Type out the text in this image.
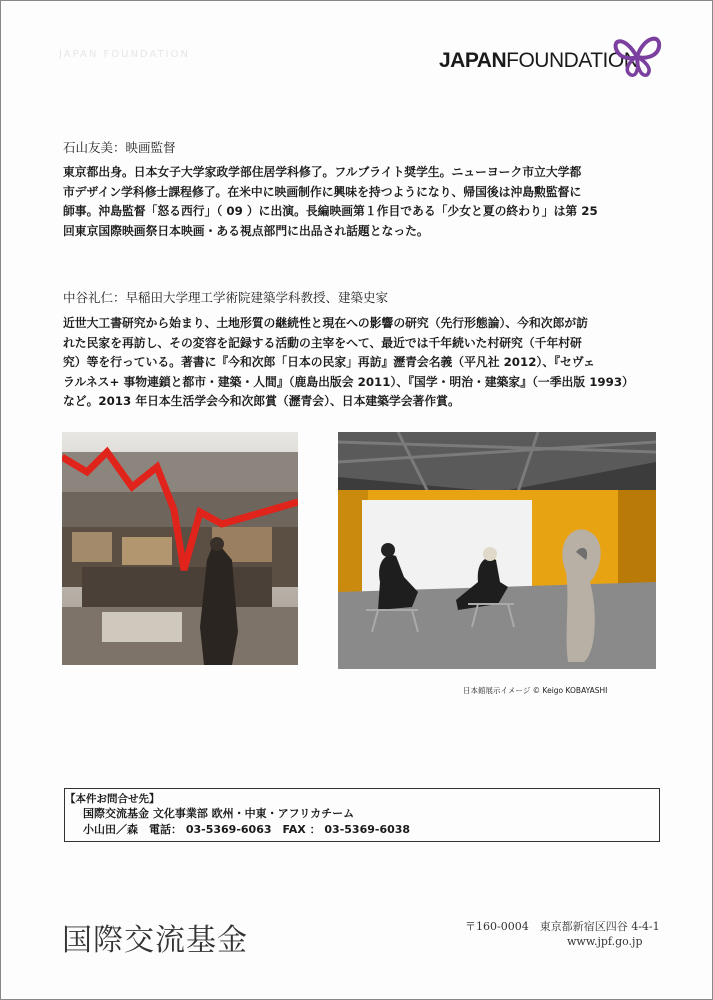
JAPAN FOUNDATION	JAPANFOUNDATION
石山友美：映画監督
東京都出身。日本女子大学家政学部住居学科修了。フルブライト奨学生。ニューヨーク市立大学都
市デザイン学科修士課程修了。在米中に映画制作に興味を持つようになり、帰国後は沖島勲監督に
師事。沖島監督「怒る西行」（ 09 ）に出演。長編映画第１作目である「少女と夏の終わり」は第 25
回東京国際映画祭日本映画・ある視点部門に出品され話題となった。
中谷礼仁：早稲田大学理工学術院建築学科教授、建築史家
近世大工書研究から始まり、土地形質の継続性と現在への影響の研究（先行形態論）、今和次郎が訪
れた民家を再訪し、その変容を記録する活動の主宰をへて、最近では千年続いた村研究（千年村研
究）等を行っている。著書に『今和次郎「日本の民家」再訪』瀝青会名義（平凡社 2012）、『セヴェ
ラルネス+ 事物連鎖と都市・建築・人間』（鹿島出版会 2011）、『国学・明治・建築家』（一季出版 1993）
など。2013 年日本生活学会今和次郎賞（瀝青会）、日本建築学会著作賞。
日本館展示イメージ © Keigo KOBAYASHI
【本件お問合せ先】
国際交流基金 文化事業部 欧州・中東・アフリカチーム
小山田／森　電話： 03-5369-6063　FAX ： 03-5369-6038
国際交流基金	〒160-0004　東京都新宿区四谷 4-4-1
www.jpf.go.jp
